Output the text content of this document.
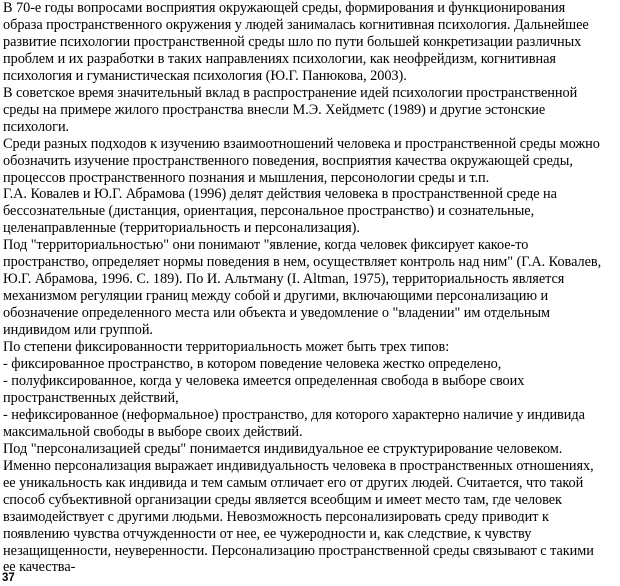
В 70-е годы вопросами восприятия окружающей среды, формирования и функционирования
образа пространственного окружения у людей занималась когнитивная психология. Дальнейшее
развитие психологии пространственной среды шло по пути большей конкретизации различных
проблем и их разработки в таких направлениях психологии, как неофрейдизм, когнитивная
психология и гуманистическая психология (Ю.Г. Панюкова, 2003).

В советское время значительный вклад в распространение идей психологии пространственной
среды на примере жилого пространства внесли М.Э. Хейдметс (1989) и другие эстонские
психологи.

Среди разных подходов к изучению взаимоотношений человека и пространственной среды можно
обозначить изучение пространственного поведения, восприятия качества окружающей среды,
процессов пространственного познания и мышления, персонологии среды и т.п.

Г.А. Ковалев и Ю.Г. Абрамова (1996) делят действия человека в пространственной среде на
бессознательные (дистанция, ориентация, персональное пространство) и сознательные,
целенаправленные (территориальность и персонализация).

Под "территориальностью" они понимают "явление, когда человек фиксирует какое-то
пространство, определяет нормы поведения в нем, осуществляет контроль над ним" (Г.А. Ковалев,
Ю.Г. Абрамова, 1996. С. 189). По И. Альтману (I. Altman, 1975), территориальность является
механизмом регуляции границ между собой и другими, включающими персонализацию и
обозначение определенного места или объекта и уведомление о "владении" им отдельным
индивидом или группой.

По степени фиксированности территориальность может быть трех типов:

- фиксированное пространство, в котором поведение человека жестко определено,

- полуфиксированное, когда у человека имеется определенная свобода в выборе своих
пространственных действий,

- нефиксированное (неформальное) пространство, для которого характерно наличие у индивида
максимальной свободы в выборе своих действий.

Под "персонализацией среды" понимается индивидуальное ее структурирование человеком.
Именно персонализация выражает индивидуальность человека в пространственных отношениях,
ее уникальность как индивида и тем самым отличает его от других людей. Считается, что такой
способ субъективной организации среды является всеобщим и имеет место там, где человек
взаимодействует с другими людьми. Невозможность персонализировать среду приводит к
появлению чувства отчужденности от нее, ее чужеродности и, как следствие, к чувству
незащищенности, неуверенности. Персонализацию пространственной среды связывают с такими
ее качества-

37
